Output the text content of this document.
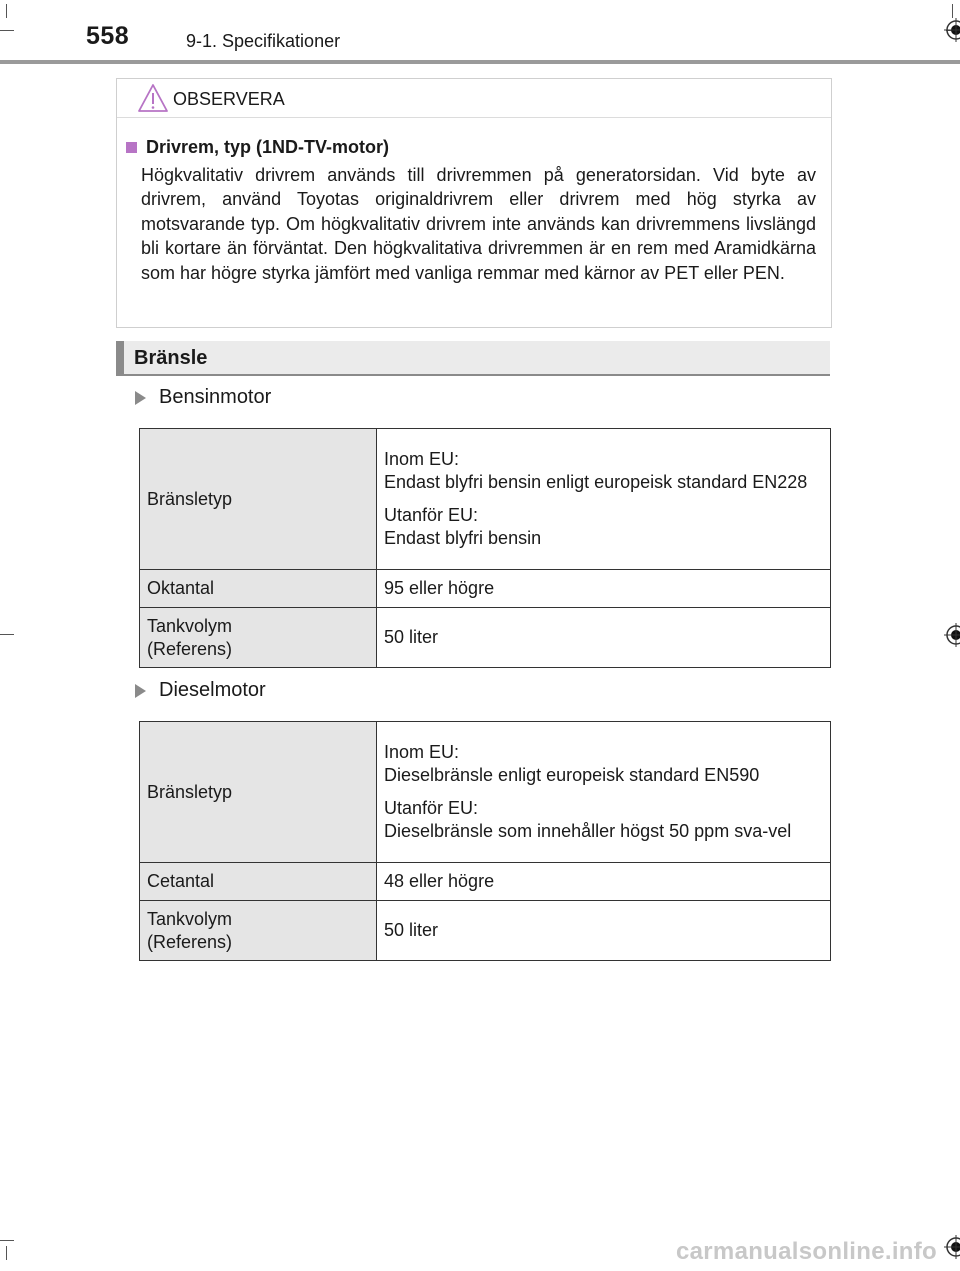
558	9-1. Specifikationer
OBSERVERA
Drivrem, typ (1ND-TV-motor)
Högkvalitativ drivrem används till drivremmen på generatorsidan. Vid byte av drivrem, använd Toyotas originaldrivrem eller drivrem med hög styrka av motsvarande typ. Om högkvalitativ drivrem inte används kan drivremmens livslängd bli kortare än förväntat. Den högkvalitativa drivremmen är en rem med Aramidkärna som har högre styrka jämfört med vanliga remmar med kärnor av PET eller PEN.
Bränsle
Bensinmotor
Bränsletyp	Inom EU:
Endast blyfri bensin enligt europeisk standard EN228
Utanför EU:
Endast blyfri bensin

Oktantal	95 eller högre

Tankvolym
(Referens)	50 liter
Dieselmotor
Bränsletyp	Inom EU:
Dieselbränsle enligt europeisk standard EN590
Utanför EU:
Dieselbränsle som innehåller högst 50 ppm sva-vel

Cetantal	48 eller högre

Tankvolym
(Referens)	50 liter
carmanualsonline.info
